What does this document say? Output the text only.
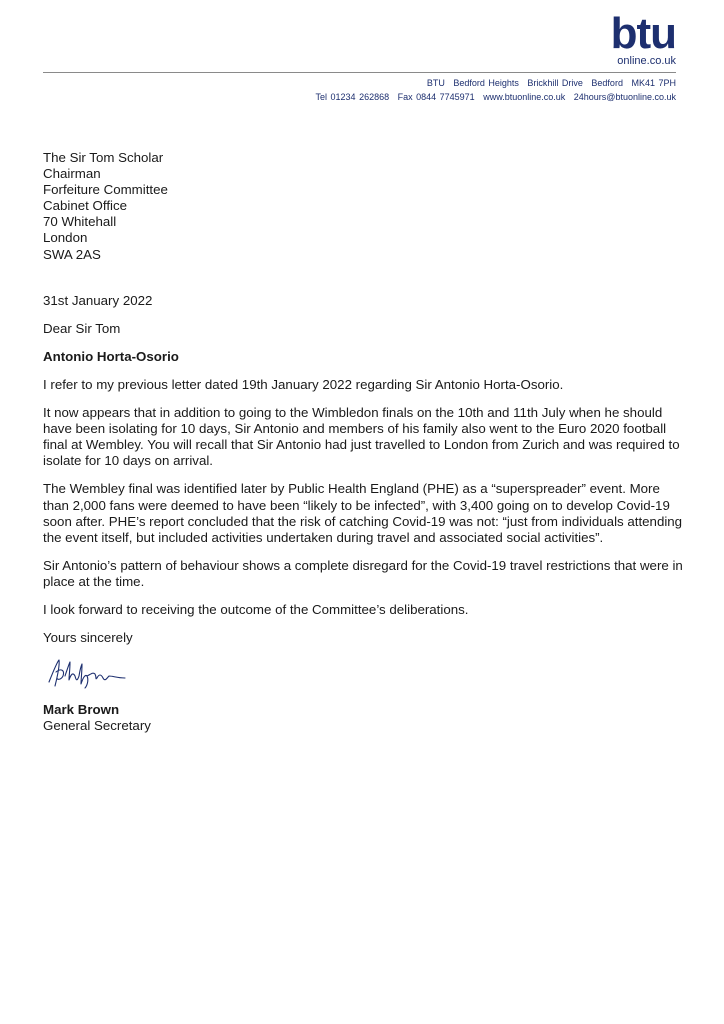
btu
online.co.uk
BTU Bedford Heights Brickhill Drive Bedford MK41 7PH
Tel 01234 262868 Fax 0844 7745971 www.btuonline.co.uk 24hours@btuonline.co.uk
The Sir Tom Scholar
Chairman
Forfeiture Committee
Cabinet Office
70 Whitehall
London
SWA 2AS
31st January 2022
Dear Sir Tom
Antonio Horta-Osorio

I refer to my previous letter dated 19th January 2022 regarding Sir Antonio Horta-Osorio.

It now appears that in addition to going to the Wimbledon finals on the 10th and 11th July when he should have been isolating for 10 days, Sir Antonio and members of his family also went to the Euro 2020 football final at Wembley. You will recall that Sir Antonio had just travelled to London from Zurich and was required to isolate for 10 days on arrival.

The Wembley final was identified later by Public Health England (PHE) as a “superspreader” event. More than 2,000 fans were deemed to have been “likely to be infected”, with 3,400 going on to develop Covid-19 soon after. PHE’s report concluded that the risk of catching Covid-19 was not: “just from individuals attending the event itself, but included activities undertaken during travel and associated social activities”.

Sir Antonio’s pattern of behaviour shows a complete disregard for the Covid-19 travel restrictions that were in place at the time.

I look forward to receiving the outcome of the Committee’s deliberations.

Yours sincerely
Mark Brown
General Secretary
